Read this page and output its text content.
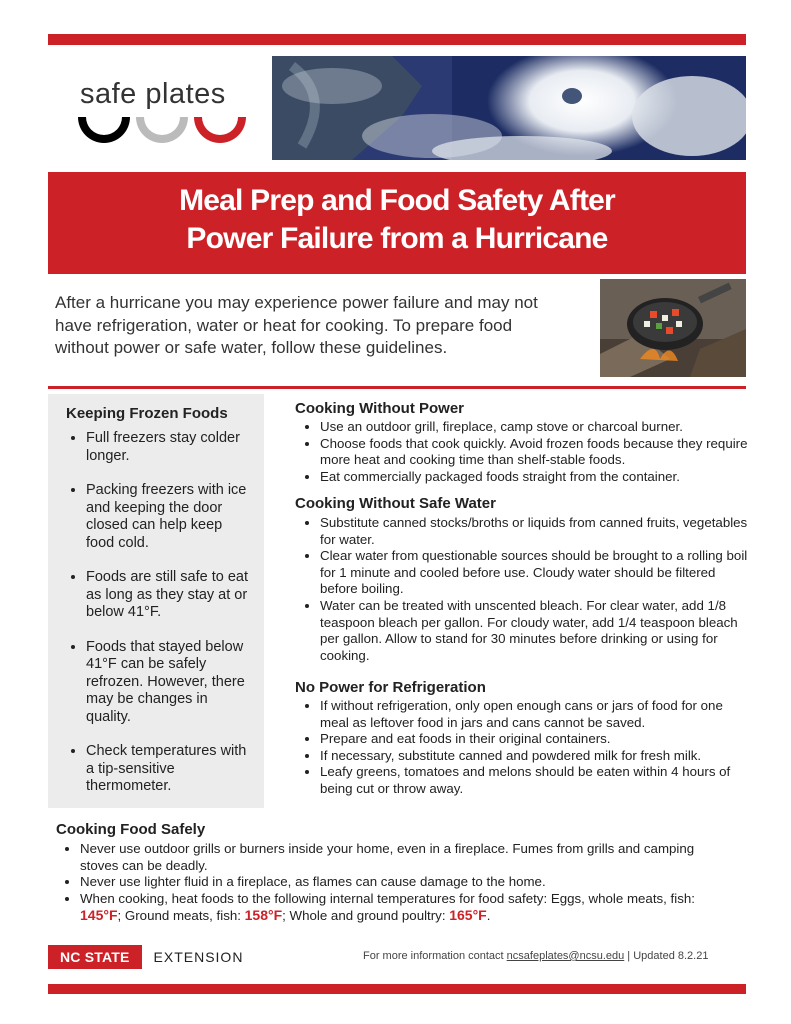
safe plates
Meal Prep and Food Safety After
Power Failure from a Hurricane
After a hurricane you may experience power failure and may not have refrigeration, water or heat for cooking. To prepare food without power or safe water, follow these guidelines.
Keeping Frozen Foods
• Full freezers stay colder longer.
• Packing freezers with ice and keeping the door closed can help keep food cold.
• Foods are still safe to eat as long as they stay at or below 41°F.
• Foods that stayed below 41°F can be safely refrozen. However, there may be changes in quality.
• Check temperatures with a tip-sensitive thermometer.
Cooking Without Power
• Use an outdoor grill, fireplace, camp stove or charcoal burner.
• Choose foods that cook quickly. Avoid frozen foods because they require more heat and cooking time than shelf-stable foods.
• Eat commercially packaged foods straight from the container.
Cooking Without Safe Water
• Substitute canned stocks/broths or liquids from canned fruits, vegetables for water.
• Clear water from questionable sources should be brought to a rolling boil for 1 minute and cooled before use. Cloudy water should be filtered before boiling.
• Water can be treated with unscented bleach. For clear water, add 1/8 teaspoon bleach per gallon. For cloudy water, add 1/4 teaspoon bleach per gallon. Allow to stand for 30 minutes before drinking or using for cooking.
No Power for Refrigeration
• If without refrigeration, only open enough cans or jars of food for one meal as leftover food in jars and cans cannot be saved.
• Prepare and eat foods in their original containers.
• If necessary, substitute canned and powdered milk for fresh milk.
• Leafy greens, tomatoes and melons should be eaten within 4 hours of being cut or throw away.
Cooking Food Safely
• Never use outdoor grills or burners inside your home, even in a fireplace. Fumes from grills and camping stoves can be deadly.
• Never use lighter fluid in a fireplace, as flames can cause damage to the home.
• When cooking, heat foods to the following internal temperatures for food safety: Eggs, whole meats, fish: 145°F; Ground meats, fish: 158°F; Whole and ground poultry: 165°F.
NC STATE	EXTENSION	For more information contact ncsafeplates@ncsu.edu | Updated 8.2.21
